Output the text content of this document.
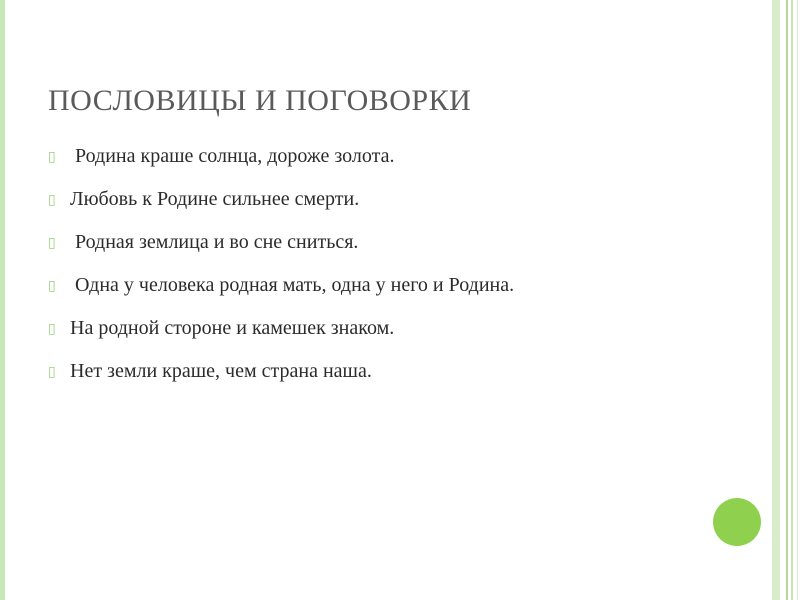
ПОСЛОВИЦЫ И ПОГОВОРКИ
▯ Родина краше солнца, дороже золота.
▯ Любовь к Родине сильнее смерти.
▯ Родная землица и во сне сниться.
▯ Одна у человека родная мать, одна у него и Родина.
▯ На родной стороне и камешек знаком.
▯ Нет земли краше, чем страна наша.
